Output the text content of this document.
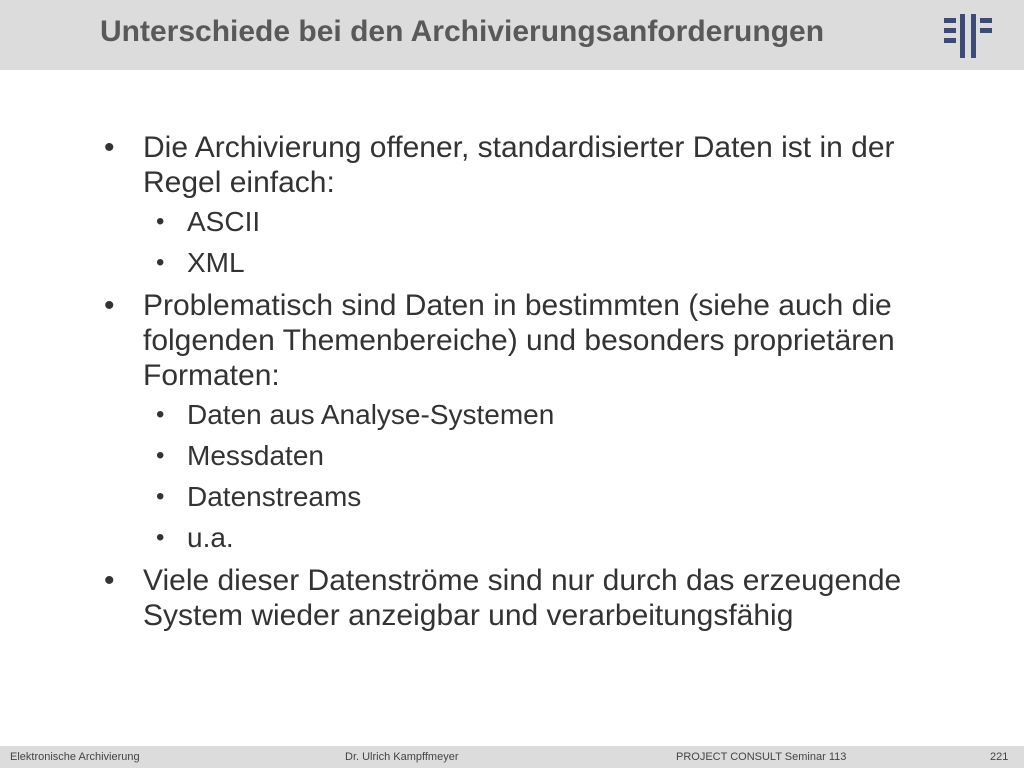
Unterschiede bei den Archivierungsanforderungen
• Die Archivierung offener, standardisierter Daten ist in der Regel einfach:
• ASCII
• XML
• Problematisch sind Daten in bestimmten (siehe auch die folgenden Themenbereiche) und besonders proprietären Formaten:
• Daten aus Analyse-Systemen
• Messdaten
• Datenstreams
• u.a.
• Viele dieser Datenströme sind nur durch das erzeugende System wieder anzeigbar und verarbeitungsfähig
Elektronische Archivierung	Dr. Ulrich Kampffmeyer	PROJECT CONSULT Seminar 113	221
